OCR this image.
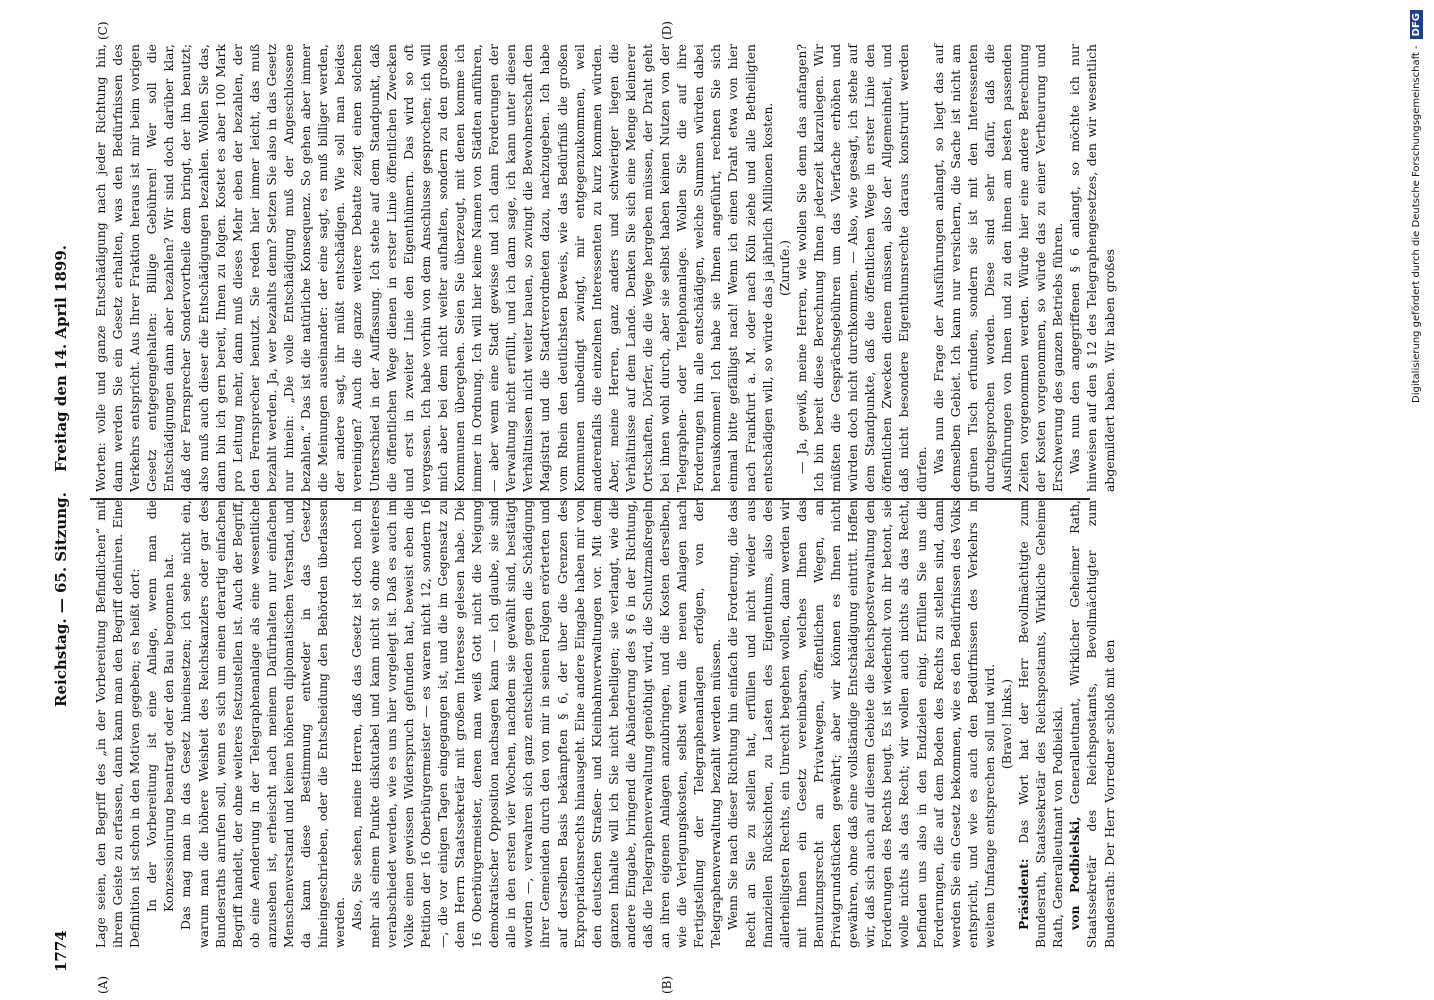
1774
Reichstag. — 65. Sitzung.
Freitag den 14. April 1899.
(A)	(B)
(C)	(D)

Lage seien, den Begriff des „in der Vorbereitung Befindlichen“ mit ihrem Geiste zu erfassen, dann kann man den Begriff definiren. Eine Definition ist schon in den Motiven gegeben; es heißt dort: In der Vorbereitung ist eine Anlage, wenn man die Konzessionirung beantragt oder den Bau begonnen hat. Das mag man in das Gesetz hineinsetzen; ich sehe nicht ein, warum man die höhere Weisheit des Reichskanzlers oder gar des Bundesraths anrufen soll, wenn es sich um einen derartig einfachen Begriff handelt, der ohne weiteres festzustellen ist. Auch der Begriff, ob eine Aenderung in der Telegraphenanlage als eine wesentliche anzusehen ist, erheischt nach meinem Dafürhalten nur einfachen Menschenverstand und keinen höheren diplomatischen Verstand, und da kann diese Bestimmung entweder in das Gesetz hineingeschrieben, oder die Entscheidung den Behörden überlassen werden. Also, Sie sehen, meine Herren, daß das Gesetz ist doch noch in mehr als einem Punkte diskutabel und kann nicht so ohne weiteres verabschiedet werden, wie es uns hier vorgelegt ist. Daß es auch im Volke einen gewissen Widerspruch gefunden hat, beweist eben die Petition der 16 Oberbürgermeister — es waren nicht 12, sondern 16 —, die vor einigen Tagen eingegangen ist, und die im Gegensatz zu dem Herrn Staatssekretär mit großem Interesse gelesen habe. Die 16 Oberbürgermeister, denen man weiß Gott nicht die Neigung demokratischer Opposition nachsagen kann — ich glaube, sie sind alle in den ersten vier Wochen, nachdem sie gewählt sind, bestätigt worden —, verwahren sich ganz entschieden gegen die Schädigung ihrer Gemeinden durch den von mir in seinen Folgen erörterten und auf derselben Basis bekämpften § 6, der über die Grenzen des Expropriationsrechts hinausgeht. Eine andere Eingabe haben mir von den deutschen Straßen- und Kleinbahnverwaltungen vor. Mit dem ganzen Inhalte will ich Sie nicht behelligen; sie verlangt, wie die andere Eingabe, bringend die Abänderung des § 6 in der Richtung, daß die Telegraphenverwaltung genöthigt wird, die Schutzmaßregeln an ihren eigenen Anlagen anzubringen, und die Kosten derselben, wie die Verlegungskosten, selbst wenn die neuen Anlagen nach Fertigstellung der Telegraphenanlagen erfolgen, von der Telegraphenverwaltung bezahlt werden müssen. Wenn Sie nach dieser Richtung hin einfach die Forderung, die das Recht an Sie zu stellen hat, erfüllen und nicht wieder aus finanziellen Rücksichten, zu Lasten des Eigenthums, also des allerheiligsten Rechts, ein Unrecht begehen wollen, dann werden wir mit Ihnen ein Gesetz vereinbaren, welches Ihnen das Benutzungsrecht an Privatwegen, öffentlichen Wegen, an Privatgrundstücken gewährt; aber wir können es Ihnen nicht gewähren, ohne daß eine vollständige Entschädigung eintritt. Hoffen wir, daß sich auch auf diesem Gebiete die Reichspostverwaltung den Forderungen des Rechts beugt. Es ist wiederholt von ihr betont, sie wolle nichts als das Recht; wir wollen auch nichts als das Recht, befinden uns also in den Endzielen einig. Erfüllen Sie uns die Forderungen, die auf dem Boden des Rechts zu stellen sind, dann werden Sie ein Gesetz bekommen, wie es den Bedürfnissen des Volks entspricht, und wie es auch den Bedürfnissen des Verkehrs in weitem Umfange entsprechen soll und wird. (Bravo! links.)

Präsident: Das Wort hat der Herr Bevollmächtigte zum Bundesrath, Staatssekretär des Reichspostamts, Wirkliche Geheime Rath, Generalleutnant von Podbielski. von Podbielski, Generalleutnant, Wirklicher Geheimer Rath, Staatssekretär des Reichspostamts, Bevollmächtigter zum Bundesrath: Der Herr Vorredner schloß mit den

Worten: volle und ganze Entschädigung nach jeder Richtung hin, dann werden Sie ein Gesetz erhalten, was den Bedürfnissen des Verkehrs entspricht. Aus Ihrer Fraktion heraus ist mir beim vorigen Gesetz entgegengehalten: Billige Gebühren! Wer soll die Entschädigungen dann aber bezahlen? Wir sind doch darüber klar, daß der Fernsprecher Sondervortheile dem bringt, der ihn benutzt; also muß auch dieser die Entschädigungen bezahlen. Wollen Sie das, dann bin ich gern bereit, Ihnen zu folgen. Kostet es aber 100 Mark pro Leitung mehr, dann muß dieses Mehr eben der bezahlen, der den Fernsprecher benutzt. Sie reden hier immer leicht, das muß bezahlt werden. Ja, wer bezahlts denn? Setzen Sie also in das Gesetz nur hinein: „Die volle Entschädigung muß der Angeschlossene bezahlen.“ Das ist die natürliche Konsequenz. So gehen aber immer die Meinungen auseinander: der eine sagt, es muß billiger werden, der andere sagt, ihr müßt entschädigen. Wie soll man beides vereinigen? Auch die ganze weitere Debatte zeigt einen solchen Unterschied in der Auffassung. Ich stehe auf dem Standpunkt, daß die öffentlichen Wege dienen in erster Linie öffentlichen Zwecken und erst in zweiter Linie den Eigenthümern. Das wird so oft vergessen. Ich habe vorhin von dem Anschlusse gesprochen; ich will mich aber bei dem nicht weiter aufhalten, sondern zu den großen Kommunen übergehen. Seien Sie überzeugt, mit denen komme ich immer in Ordnung. Ich will hier keine Namen von Städten anführen, — aber wenn eine Stadt gewisse und ich dann Forderungen der Verwaltung nicht erfüllt, und ich dann sage, ich kann unter diesen Verhältnissen nicht weiter bauen, so zwingt die Bewohnerschaft den Magistrat und die Stadtverordneten dazu, nachzugeben. Ich habe vom Rhein den deutlichsten Beweis, wie das Bedürfniß die großen Kommunen unbedingt zwingt, mir entgegenzukommen, weil anderenfalls die einzelnen Interessenten zu kurz kommen würden. Aber, meine Herren, ganz anders und schwieriger liegen die Verhältnisse auf dem Lande. Denken Sie sich eine Menge kleinerer Ortschaften, Dörfer, die die Wege hergeben müssen, der Draht geht bei ihnen wohl durch, aber sie selbst haben keinen Nutzen von der Telegraphen- oder Telephonanlage. Wollen Sie die auf ihre Forderungen hin alle entschädigen, welche Summen würden dabei herauskommen! Ich habe sie Ihnen angeführt, rechnen Sie sich einmal bitte gefälligst nach! Wenn ich einen Draht etwa von hier nach Frankfurt a. M. oder nach Köln ziehe und alle Betheiligten entschädigen will, so würde das ja jährlich Millionen kosten. (Zurufe.) — Ja, gewiß, meine Herren, wie wollen Sie denn das anfangen? Ich bin bereit diese Berechnung Ihnen jederzeit klarzulegen. Wir müßten die Gesprächsgebühren um das Vierfache erhöhen und würden doch nicht durchkommen. — Also, wie gesagt, ich stehe auf dem Standpunkte, daß die öffentlichen Wege in erster Linie den öffentlichen Zwecken dienen müssen, also der Allgemeinheit, und daß nicht besondere Eigenthumsrechte daraus konstruirt werden dürfen. Was nun die Frage der Ausführungen anlangt, so liegt das auf demselben Gebiet. Ich kann nur versichern, die Sache ist nicht am grünen Tisch erfunden, sondern sie ist mit den Interessenten durchgesprochen worden. Diese sind sehr dafür, daß die Ausführungen von Ihnen und zu den ihnen am besten passenden Zeiten vorgenommen werden. Würde hier eine andere Berechnung der Kosten vorgenommen, so würde das zu einer Vertheurung und Erschwerung des ganzen Betriebs führen. Was nun den angegriffenen § 6 anlangt, so möchte ich nur hinweisen auf den § 12 des Telegraphengesetzes, den wir wesentlich abgemildert haben. Wir haben großes	Digitalisierung gefördert durch die Deutsche Forschungsgemeinschaft -DFG
